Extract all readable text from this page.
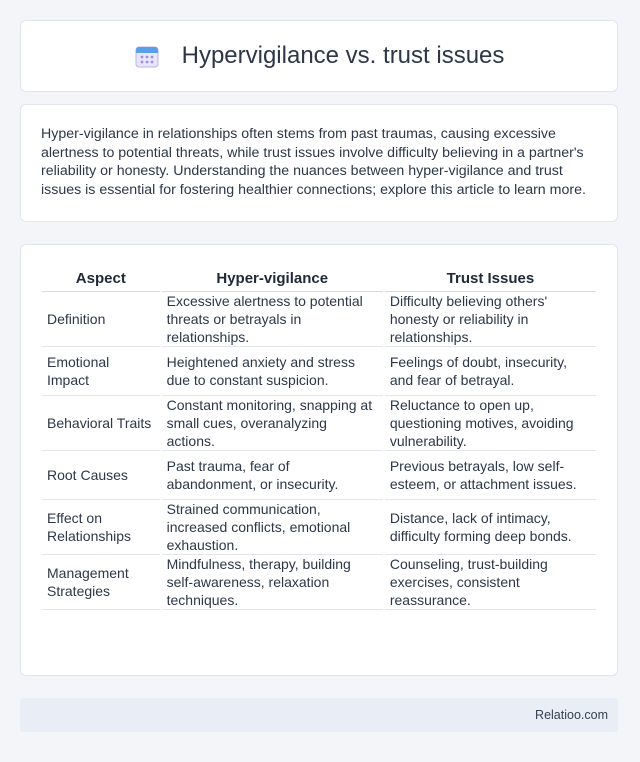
Hypervigilance vs. trust issues

Hyper-vigilance in relationships often stems from past traumas, causing excessive alertness to potential threats, while trust issues involve difficulty believing in a partner's reliability or honesty. Understanding the nuances between hyper-vigilance and trust issues is essential for fostering healthier connections; explore this article to learn more.

Aspect	Hyper-vigilance	Trust Issues
Definition	Excessive alertness to potential threats or betrayals in relationships.	Difficulty believing others' honesty or reliability in relationships.
Emotional Impact	Heightened anxiety and stress due to constant suspicion.	Feelings of doubt, insecurity, and fear of betrayal.
Behavioral Traits	Constant monitoring, snapping at small cues, overanalyzing actions.	Reluctance to open up, questioning motives, avoiding vulnerability.
Root Causes	Past trauma, fear of abandonment, or insecurity.	Previous betrayals, low self-esteem, or attachment issues.
Effect on Relationships	Strained communication, increased conflicts, emotional exhaustion.	Distance, lack of intimacy, difficulty forming deep bonds.
Management Strategies	Mindfulness, therapy, building self-awareness, relaxation techniques.	Counseling, trust-building exercises, consistent reassurance.
Relatioo.com
